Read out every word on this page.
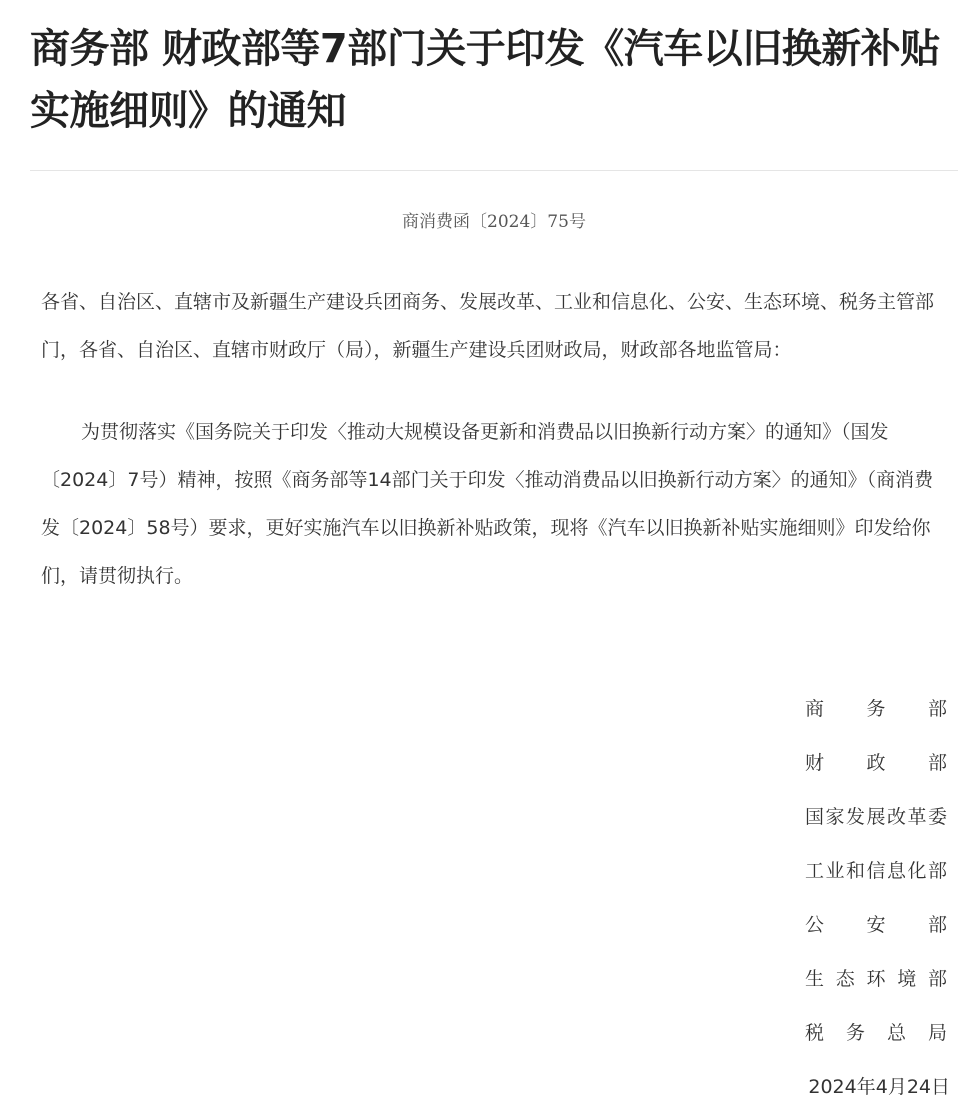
商务部 财政部等7部门关于印发《汽车以旧换新补贴实施细则》的通知
商消费函〔2024〕75号

各省、自治区、直辖市及新疆生产建设兵团商务、发展改革、工业和信息化、公安、生态环境、税务主管部门，各省、自治区、直辖市财政厅（局），新疆生产建设兵团财政局，财政部各地监管局：

为贯彻落实《国务院关于印发〈推动大规模设备更新和消费品以旧换新行动方案〉的通知》（国发〔2024〕7号）精神，按照《商务部等14部门关于印发〈推动消费品以旧换新行动方案〉的通知》（商消费发〔2024〕58号）要求，更好实施汽车以旧换新补贴政策，现将《汽车以旧换新补贴实施细则》印发给你们，请贯彻执行。

商 务 部
财 政 部
国家发展改革委
工业和信息化部
公 安 部
生 态 环 境 部
税 务 总 局
2024年4月24日
